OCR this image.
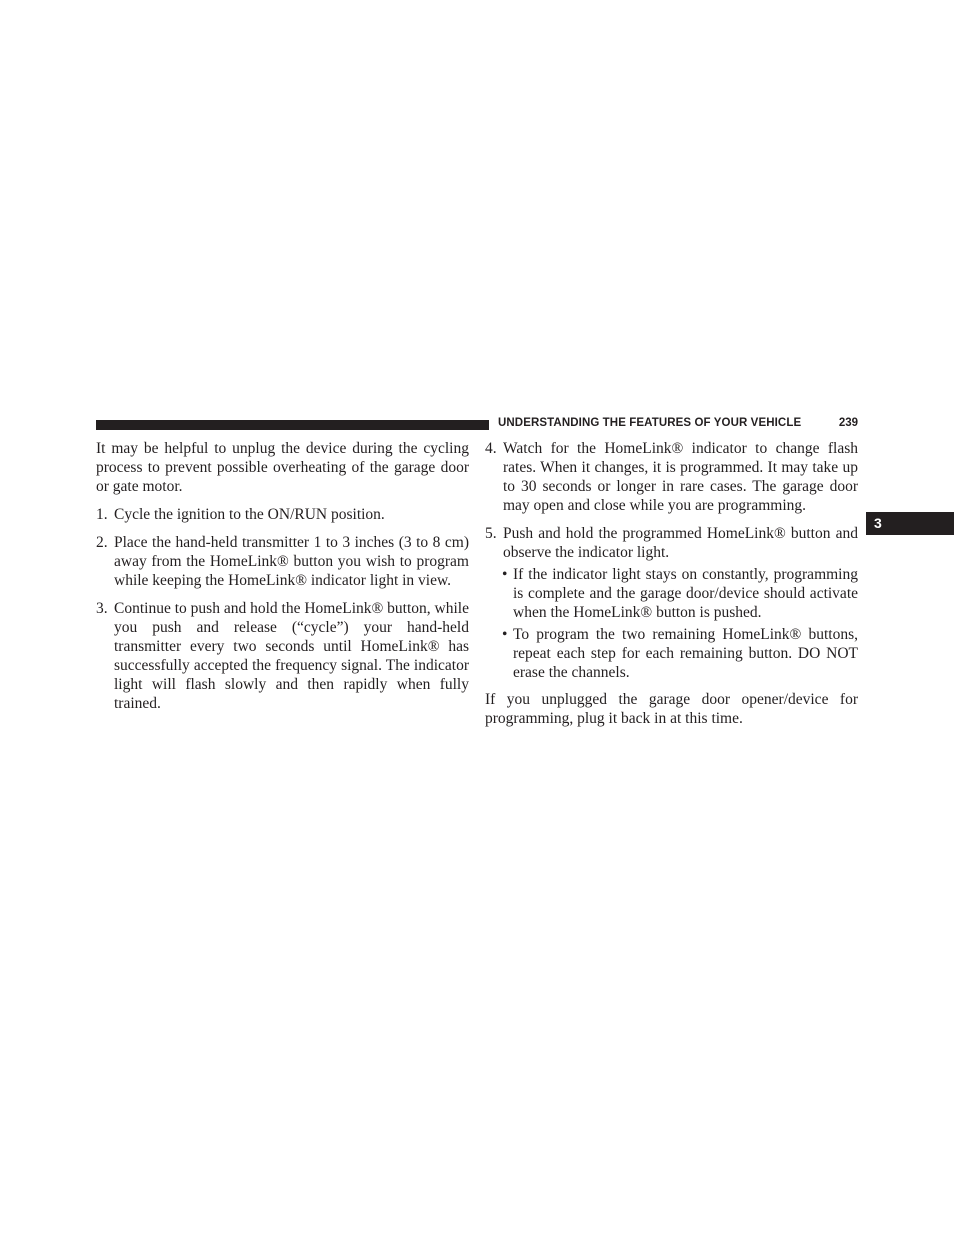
UNDERSTANDING THE FEATURES OF YOUR VEHICLE	239
3

It may be helpful to unplug the device during the cycling process to prevent possible overheating of the garage door or gate motor.

1. Cycle the ignition to the ON/RUN position.
2. Place the hand-held transmitter 1 to 3 inches (3 to 8 cm) away from the HomeLink® button you wish to program while keeping the HomeLink® indicator light in view.
3. Continue to push and hold the HomeLink® button, while you push and release (“cycle”) your hand-held transmitter every two seconds until HomeLink® has successfully accepted the frequency signal. The indicator light will flash slowly and then rapidly when fully trained.
4. Watch for the HomeLink® indicator to change flash rates. When it changes, it is programmed. It may take up to 30 seconds or longer in rare cases. The garage door may open and close while you are programming.
5. Push and hold the programmed HomeLink® button and observe the indicator light.
• If the indicator light stays on constantly, programming is complete and the garage door/device should activate when the HomeLink® button is pushed.
• To program the two remaining HomeLink® buttons, repeat each step for each remaining button. DO NOT erase the channels.

If you unplugged the garage door opener/device for programming, plug it back in at this time.
